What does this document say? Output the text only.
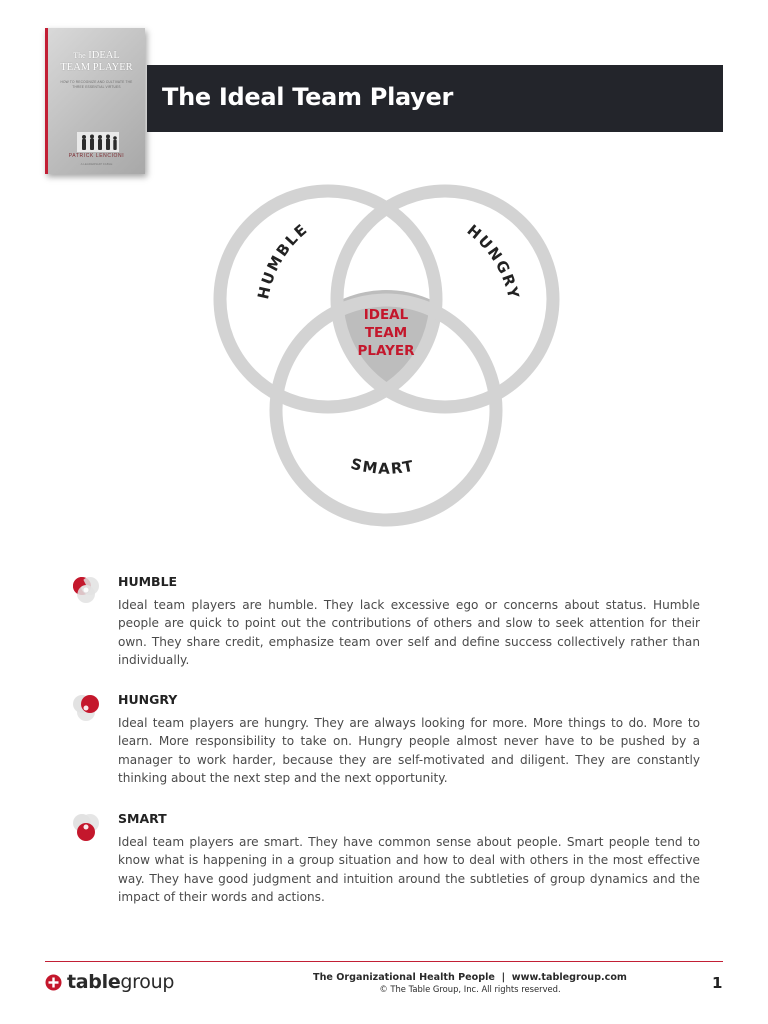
The IDEAL
TEAM PLAYER
HOW TO RECOGNIZE AND CULTIVATE THE THREE ESSENTIAL VIRTUES
PATRICK LENCIONI
A LEADERSHIP FABLE
The Ideal Team Player
HUMBLE	HUNGRY
SMART
IDEAL
TEAM
PLAYER
HUMBLE
Ideal team players are humble. They lack excessive ego or concerns about status. Humble people are quick to point out the contributions of others and slow to seek attention for their own. They share credit, emphasize team over self and define success collectively rather than individually.
HUNGRY
Ideal team players are hungry. They are always looking for more. More things to do. More to learn. More responsibility to take on. Hungry people almost never have to be pushed by a manager to work harder, because they are self-motivated and diligent. They are constantly thinking about the next step and the next opportunity.
SMART
Ideal team players are smart. They have common sense about people. Smart people tend to know what is happening in a group situation and how to deal with others in the most effective way. They have good judgment and intuition around the subtleties of group dynamics and the impact of their words and actions.
table group	The Organizational Health People  |  www.tablegroup.com
© The Table Group, Inc. All rights reserved.	1
